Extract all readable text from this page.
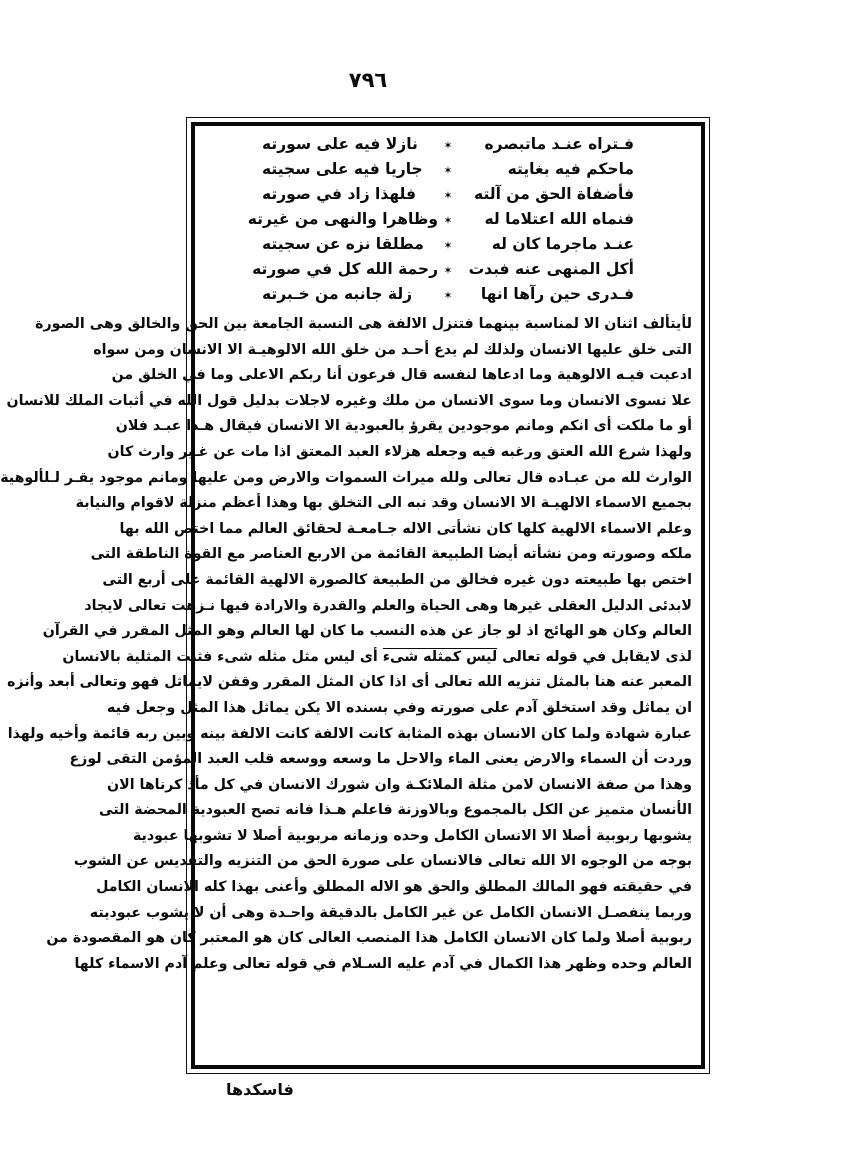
٧٩٦
فـتراه عنـد ماتبصره
✶
نازلا فيه على سورته
ماحكم فيه بغايته
✶
جاريا فيه على سجيته
فأضفاة الحق من آلته
✶
فلهذا زاد في صورته
فنماه الله اعتلاما له
✶
وظاهرا والنهى من غيرته
عنـد ماجرما كان له
✶
مطلقا نزه عن سجيته
أكل المنهى عنه فبدت
✶
رحمة الله كل في صورته
فـدرى حين رآها انها
✶
زلة جانبه من خـبرته
لأيتألف اثنان الا لمناسبة بينهما فتنزل الالفة هى النسبة الجامعة بين الحق والخالق وهى الصورة
التى خلق عليها الانسان ولذلك لم يدع أحـد من خلق الله الالوهيـة الا الانسان ومن سواه
ادعيت فيـه الالوهية وما ادعاها لنفسه قال فرعون أنا ربكم الاعلى وما في الخلق من
علا نسوى الانسان وما سوى الانسان من ملك وغيره لاجلات بدليل قول الله في أثبات الملك للانسان
أو ما ملكت أى انكم ومانم موجودين يقرؤ بالعبودية الا الانسان فيقال هـذا عبـد فلان
ولهذا شرع الله العتق ورغبه فيه وجعله هزلاء العبد المعتق اذا مات عن غـير وارث كان
الوارث لله من عبـاده قال تعالى ولله ميراث السموات والارض ومن عليها ومانم موجود يقـر لـلألوهية
بجميع الاسماء الالهيـة الا الانسان وقد نبه الى التخلق بها وهذا أعظم منزلة لاقوام والنيابة
وعلم الاسماء الالهية كلها كان نشأتى الاله جـامعـة لحقائق العالم مما اختص الله بها
ملكه وصورته ومن نشأته أيضا الطبيعة القائمة من الاربع العناصر مع القوة الناطقة التى
اختص بها طبيعته دون غيره فخالق من الطبيعة كالصورة الالهية القائمة على أربع التى
لابدئى الدليل العقلى غيرها وهى الحياة والعلم والقدرة والارادة فيها نـزهت تعالى لايجاد
العالم وكان هو الهائج اذ لو جاز عن هذه النسب ما كان لها العالم وهو المثل المقرر في القرآن
لذى لايقابل في قوله تعالى ليس كمثله شىء أى ليس مثل مثله شىء فثبت المثلية بالانسان
المعبر عنه هنا بالمثل تنزيه الله تعالى أى اذا كان المثل المقرر وقفن لايماثل فهو وتعالى أبعد وأنزه
ان يماثل وقد استخلق آدم على صورته وفي بسنده الا يكن يماثل هذا المثل وجعل فيه
عبارة شهادة ولما كان الانسان بهذه المثابة كانت الالفة كانت الالفة بينه وبين ربه قائمة وأخيه ولهذا
وردت أن السماء والارض يعنى الماء والاحل ما وسعه ووسعه قلب العبد المؤمن التقى لوزع
وهذا من صفة الانسان لامن مثلة الملائكـة وان شورك الانسان في كل مأذ كرناها الان
الأنسان متميز عن الكل بالمجموع وبالاوزنة فاعلم هـذا فانه تصح العبودية المحضة التى
يشوبها ربوبية أصلا الا الانسان الكامل وحده وزمانه مربوبية أصلا لا تشوبها عبودية
بوجه من الوجوه الا الله تعالى فالانسان على صورة الحق من التنزيه والتقديس عن الشوب
في حقيقته فهو المالك المطلق والحق هو الاله المطلق وأعنى بهذا كله الانسان الكامل
وربما ينفصـل الانسان الكامل عن غير الكامل بالدقيقة واحـدة وهى أن لا يشوب عبوديته
ربوبية أصلا ولما كان الانسان الكامل هذا المنصب العالى كان هو المعتبر كان هو المقصودة من
العالم وحده وظهر هذا الكمال في آدم عليه السـلام في قوله تعالى وعلم آدم الاسماء كلها
فاسكدها
